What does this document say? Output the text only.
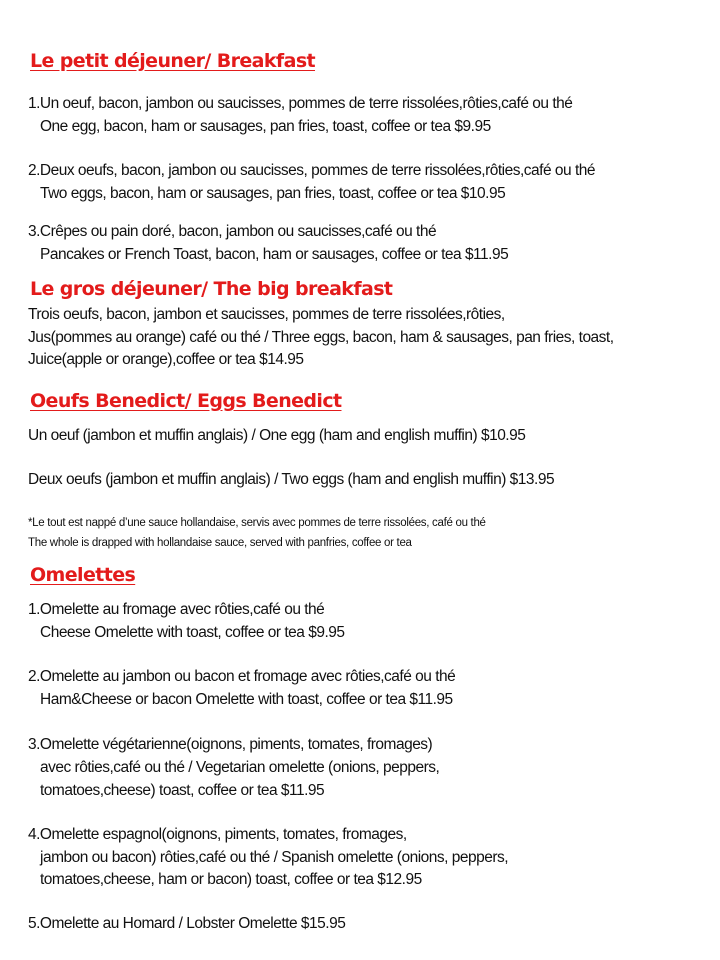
Le petit déjeuner/ Breakfast
1.Un oeuf, bacon, jambon ou saucisses, pommes de terre rissolées,rôties,café ou thé
One egg, bacon, ham or sausages, pan fries, toast, coffee or tea $9.95
2.Deux oeufs, bacon, jambon ou saucisses, pommes de terre rissolées,rôties,café ou thé
Two eggs, bacon, ham or sausages, pan fries, toast, coffee or tea $10.95
3.Crêpes ou pain doré, bacon, jambon ou saucisses,café ou thé
Pancakes or French Toast, bacon, ham or sausages, coffee or tea $11.95
Le gros déjeuner/ The big breakfast
Trois oeufs, bacon, jambon et saucisses, pommes de terre rissolées,rôties,
Jus(pommes au orange) café ou thé / Three eggs, bacon, ham & sausages, pan fries, toast,
Juice(apple or orange),coffee or tea $14.95
Oeufs Benedict/ Eggs Benedict
Un oeuf (jambon et muffin anglais) / One egg (ham and english muffin) $10.95
Deux oeufs (jambon et muffin anglais) / Two eggs (ham and english muffin) $13.95
*Le tout est nappé d’une sauce hollandaise, servis avec pommes de terre rissolées, café ou thé
The whole is drapped with hollandaise sauce, served with panfries, coffee or tea
Omelettes
1.Omelette au fromage avec rôties,café ou thé
Cheese Omelette with toast, coffee or tea $9.95
2.Omelette au jambon ou bacon et fromage avec rôties,café ou thé
Ham&Cheese or bacon Omelette with toast, coffee or tea $11.95
3.Omelette végétarienne(oignons, piments, tomates, fromages)
avec rôties,café ou thé / Vegetarian omelette (onions, peppers,
tomatoes,cheese) toast, coffee or tea $11.95
4.Omelette espagnol(oignons, piments, tomates, fromages,
jambon ou bacon) rôties,café ou thé / Spanish omelette (onions, peppers,
tomatoes,cheese, ham or bacon) toast, coffee or tea $12.95
5.Omelette au Homard / Lobster Omelette $15.95
